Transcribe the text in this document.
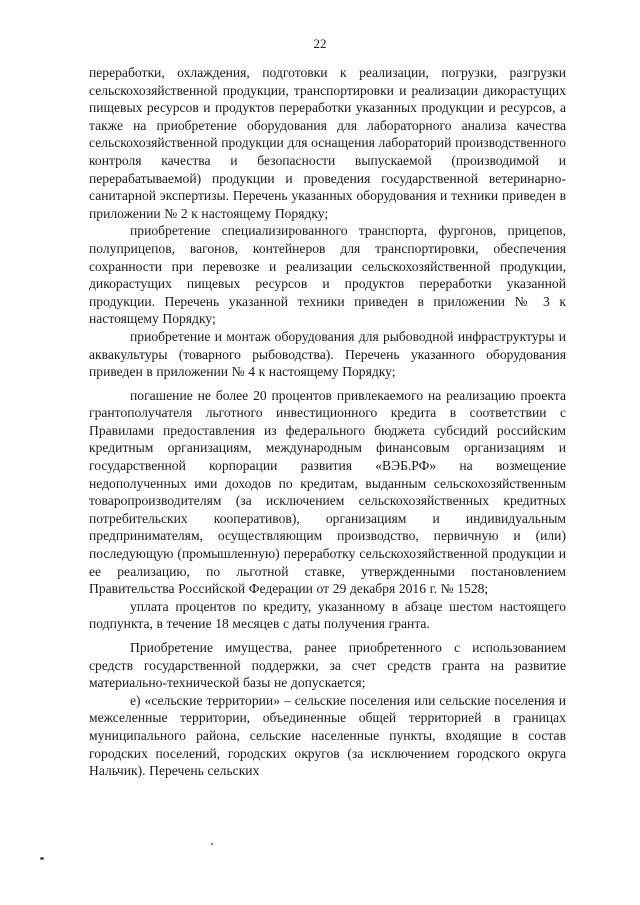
22

переработки, охлаждения, подготовки к реализации, погрузки, разгрузки сельскохозяйственной продукции, транспортировки и реализации дикорастущих пищевых ресурсов и продуктов переработки указанных продукции и ресурсов, а также на приобретение оборудования для лабораторного анализа качества сельскохозяйственной продукции для оснащения лабораторий производственного контроля качества и безопасности выпускаемой (производимой и перерабатываемой) продукции и проведения государственной ветеринарно-санитарной экспертизы. Перечень указанных оборудования и техники приведен в приложении № 2 к настоящему Порядку;

приобретение специализированного транспорта, фургонов, прицепов, полуприцепов, вагонов, контейнеров для транспортировки, обеспечения сохранности при перевозке и реализации сельскохозяйственной продукции, дикорастущих пищевых ресурсов и продуктов переработки указанной продукции. Перечень указанной техники приведен в приложении № 3 к настоящему Порядку;

приобретение и монтаж оборудования для рыбоводной инфраструктуры и аквакультуры (товарного рыбоводства). Перечень указанного оборудования приведен в приложении № 4 к настоящему Порядку;

погашение не более 20 процентов привлекаемого на реализацию проекта грантополучателя льготного инвестиционного кредита в соответствии с Правилами предоставления из федерального бюджета субсидий российским кредитным организациям, международным финансовым организациям и государственной корпорации развития «ВЭБ.РФ» на возмещение недополученных ими доходов по кредитам, выданным сельскохозяйственным товаропроизводителям (за исключением сельскохозяйственных кредитных потребительских кооперативов), организациям и индивидуальным предпринимателям, осуществляющим производство, первичную и (или) последующую (промышленную) переработку сельскохозяйственной продукции и ее реализацию, по льготной ставке, утвержденными постановлением Правительства Российской Федерации от 29 декабря 2016 г. № 1528;

уплата процентов по кредиту, указанному в абзаце шестом настоящего подпункта, в течение 18 месяцев с даты получения гранта.

Приобретение имущества, ранее приобретенного с использованием средств государственной поддержки, за счет средств гранта на развитие материально-технической базы не допускается;

е) «сельские территории» – сельские поселения или сельские поселения и межселенные территории, объединенные общей территорией в границах муниципального района, сельские населенные пункты, входящие в состав городских поселений, городских округов (за исключением городского округа Нальчик). Перечень сельских
